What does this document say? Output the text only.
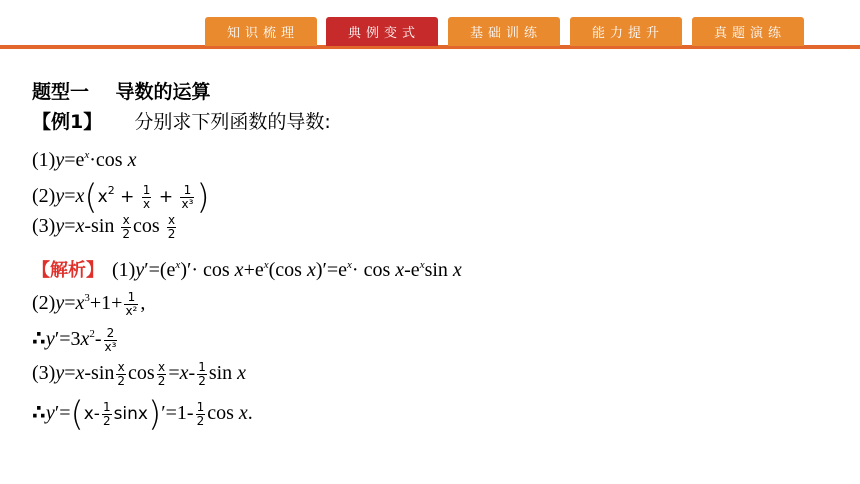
知识梳理	典例变式	基础训练	能力提升	真题演练
题型一    导数的运算
【例1】 分别求下列函数的导数:
$(1)y=e^x\cdot\cos$ x
$(2)y=x(x^2 + \frac{1}{x} + \frac{1}{\text{x³}}$ )
$(3)y=x-\sin \frac{x}{2}$ $\cos \frac{x}{2}$
【解析】 $(1)y'=(e^x)'\cdot \cos x+e^x(\cos$ $x)'=e^x\cdot \cos x-e^x\sin$ x
$(2)y=x^3+1+ \frac{1}{\text{x²}}$ ,
$\therefore y'=3x^2- \frac{2}{\text{x³}}$
$(3)y=x-\sin \frac{x}{2}$ $\cos \frac{x}{2} =x- \frac{1}{2}$ sin x
∴y′=(x- $\frac{1}{2} \sin x)'=1- \frac{1}{2}$ cos x.
